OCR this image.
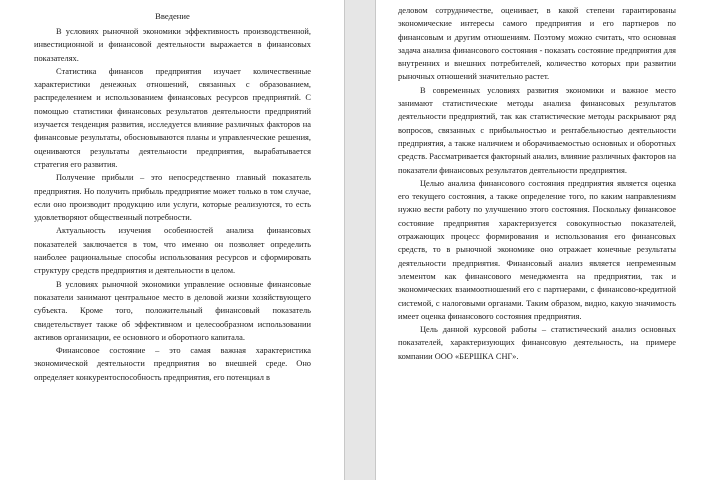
Введение

В условиях рыночной экономики эффективность производственной, инвестиционной и финансовой деятельности выражается в финансовых показателях.

Статистика финансов предприятия изучает количественные характеристики денежных отношений, связанных с образованием, распределением и использованием финансовых ресурсов предприятий. С помощью статистики финансовых результатов деятельности предприятий изучается тенденция развития, исследуется влияние различных факторов на финансовые результаты, обосновываются планы и управленческие решения, оцениваются результаты деятельности предприятия, вырабатывается стратегия его развития.

Получение прибыли – это непосредственно главный показатель предприятия. Но получить прибыль предприятие может только в том случае, если оно производит продукцию или услуги, которые реализуются, то есть удовлетворяют общественный потребности.

Актуальность изучения особенностей анализа финансовых показателей заключается в том, что именно он позволяет определить наиболее рациональные способы использования ресурсов и сформировать структуру средств предприятия и деятельности в целом.

В условиях рыночной экономики управление основные финансовые показатели занимают центральное место в деловой жизни хозяйствующего субъекта. Кроме того, положительный финансовый показатель свидетельствует также об эффективном и целесообразном использовании активов организации, ее основного и оборотного капитала.

Финансовое состояние – это самая важная характеристика экономической деятельности предприятия во внешней среде. Оно определяет конкурентоспособность предприятия, его потенциал в

деловом сотрудничестве, оценивает, в какой степени гарантированы экономические интересы самого предприятия и его партнеров по финансовым и другим отношениям. Поэтому можно считать, что основная задача анализа финансового состояния - показать состояние предприятия для внутренних и внешних потребителей, количество которых при развитии рыночных отношений значительно растет.

В современных условиях развития экономики и важное место занимают статистические методы анализа финансовых результатов деятельности предприятий, так как статистические методы раскрывают ряд вопросов, связанных с прибыльностью и рентабельностью деятельности предприятия, а также наличием и оборачиваемостью основных и оборотных средств. Рассматривается факторный анализ, влияние различных факторов на показатели финансовых результатов деятельности предприятия.

Целью анализа финансового состояния предприятия является оценка его текущего состояния, а также определение того, по каким направлениям нужно вести работу по улучшению этого состояния. Поскольку финансовое состояние предприятия характеризуется совокупностью показателей, отражающих процесс формирования и использования его финансовых средств, то в рыночной экономике оно отражает конечные результаты деятельности предприятия. Финансовый анализ является непременным элементом как финансового менеджмента на предприятии, так и экономических взаимоотношений его с партнерами, с финансово-кредитной системой, с налоговыми органами. Таким образом, видно, какую значимость имеет оценка финансового состояния предприятия.

Цель данной курсовой работы – статистический анализ основных показателей, характеризующих финансовую деятельность, на примере компании ООО «БЕРШКА СНГ».
